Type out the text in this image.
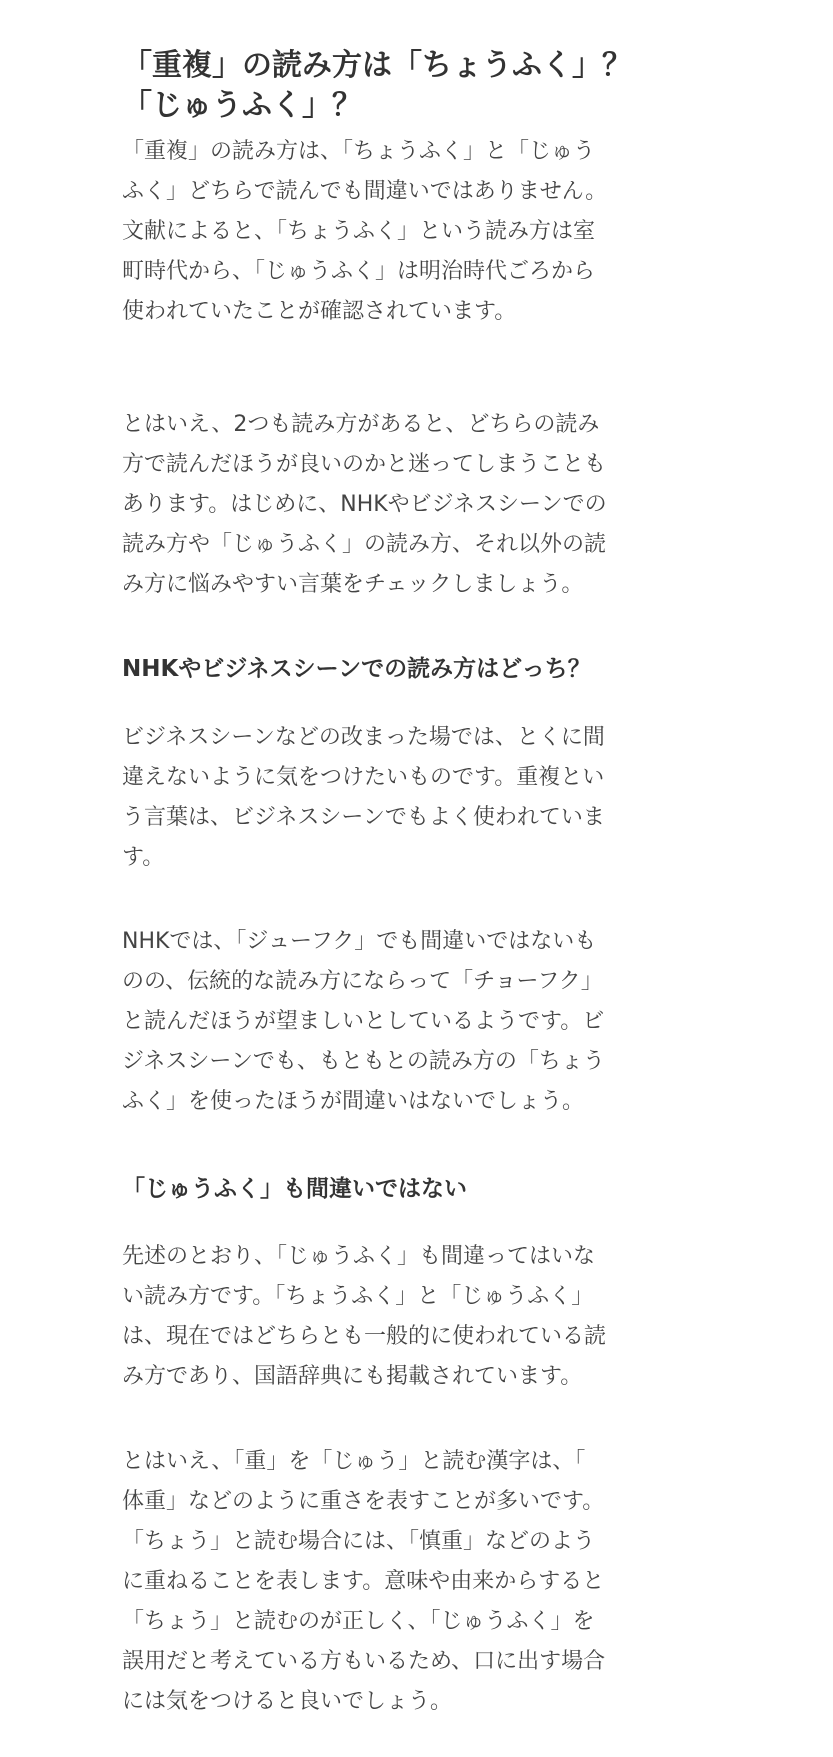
「重複」の読み方は「ちょうふく」？
「じゅうふく」？

「重複」の読み方は、「ちょうふく」と「じゅう
ふく」どちらで読んでも間違いではありません。
文献によると、「ちょうふく」という読み方は室
町時代から、「じゅうふく」は明治時代ごろから
使われていたことが確認されています。

とはいえ、2つも読み方があると、どちらの読み
方で読んだほうが良いのかと迷ってしまうことも
あります。はじめに、NHKやビジネスシーンでの
読み方や「じゅうふく」の読み方、それ以外の読
み方に悩みやすい言葉をチェックしましょう。

NHKやビジネスシーンでの読み方はどっち？

ビジネスシーンなどの改まった場では、とくに間
違えないように気をつけたいものです。重複とい
う言葉は、ビジネスシーンでもよく使われていま
す。

NHKでは、「ジューフク」でも間違いではないも
のの、伝統的な読み方にならって「チョーフク」
と読んだほうが望ましいとしているようです。ビ
ジネスシーンでも、もともとの読み方の「ちょう
ふく」を使ったほうが間違いはないでしょう。

「じゅうふく」も間違いではない

先述のとおり、「じゅうふく」も間違ってはいな
い読み方です。「ちょうふく」と「じゅうふく」
は、現在ではどちらとも一般的に使われている読
み方であり、国語辞典にも掲載されています。

とはいえ、「重」を「じゅう」と読む漢字は、「
体重」などのように重さを表すことが多いです。
「ちょう」と読む場合には、「慎重」などのよう
に重ねることを表します。意味や由来からすると
「ちょう」と読むのが正しく、「じゅうふく」を
誤用だと考えている方もいるため、口に出す場合
には気をつけると良いでしょう。
